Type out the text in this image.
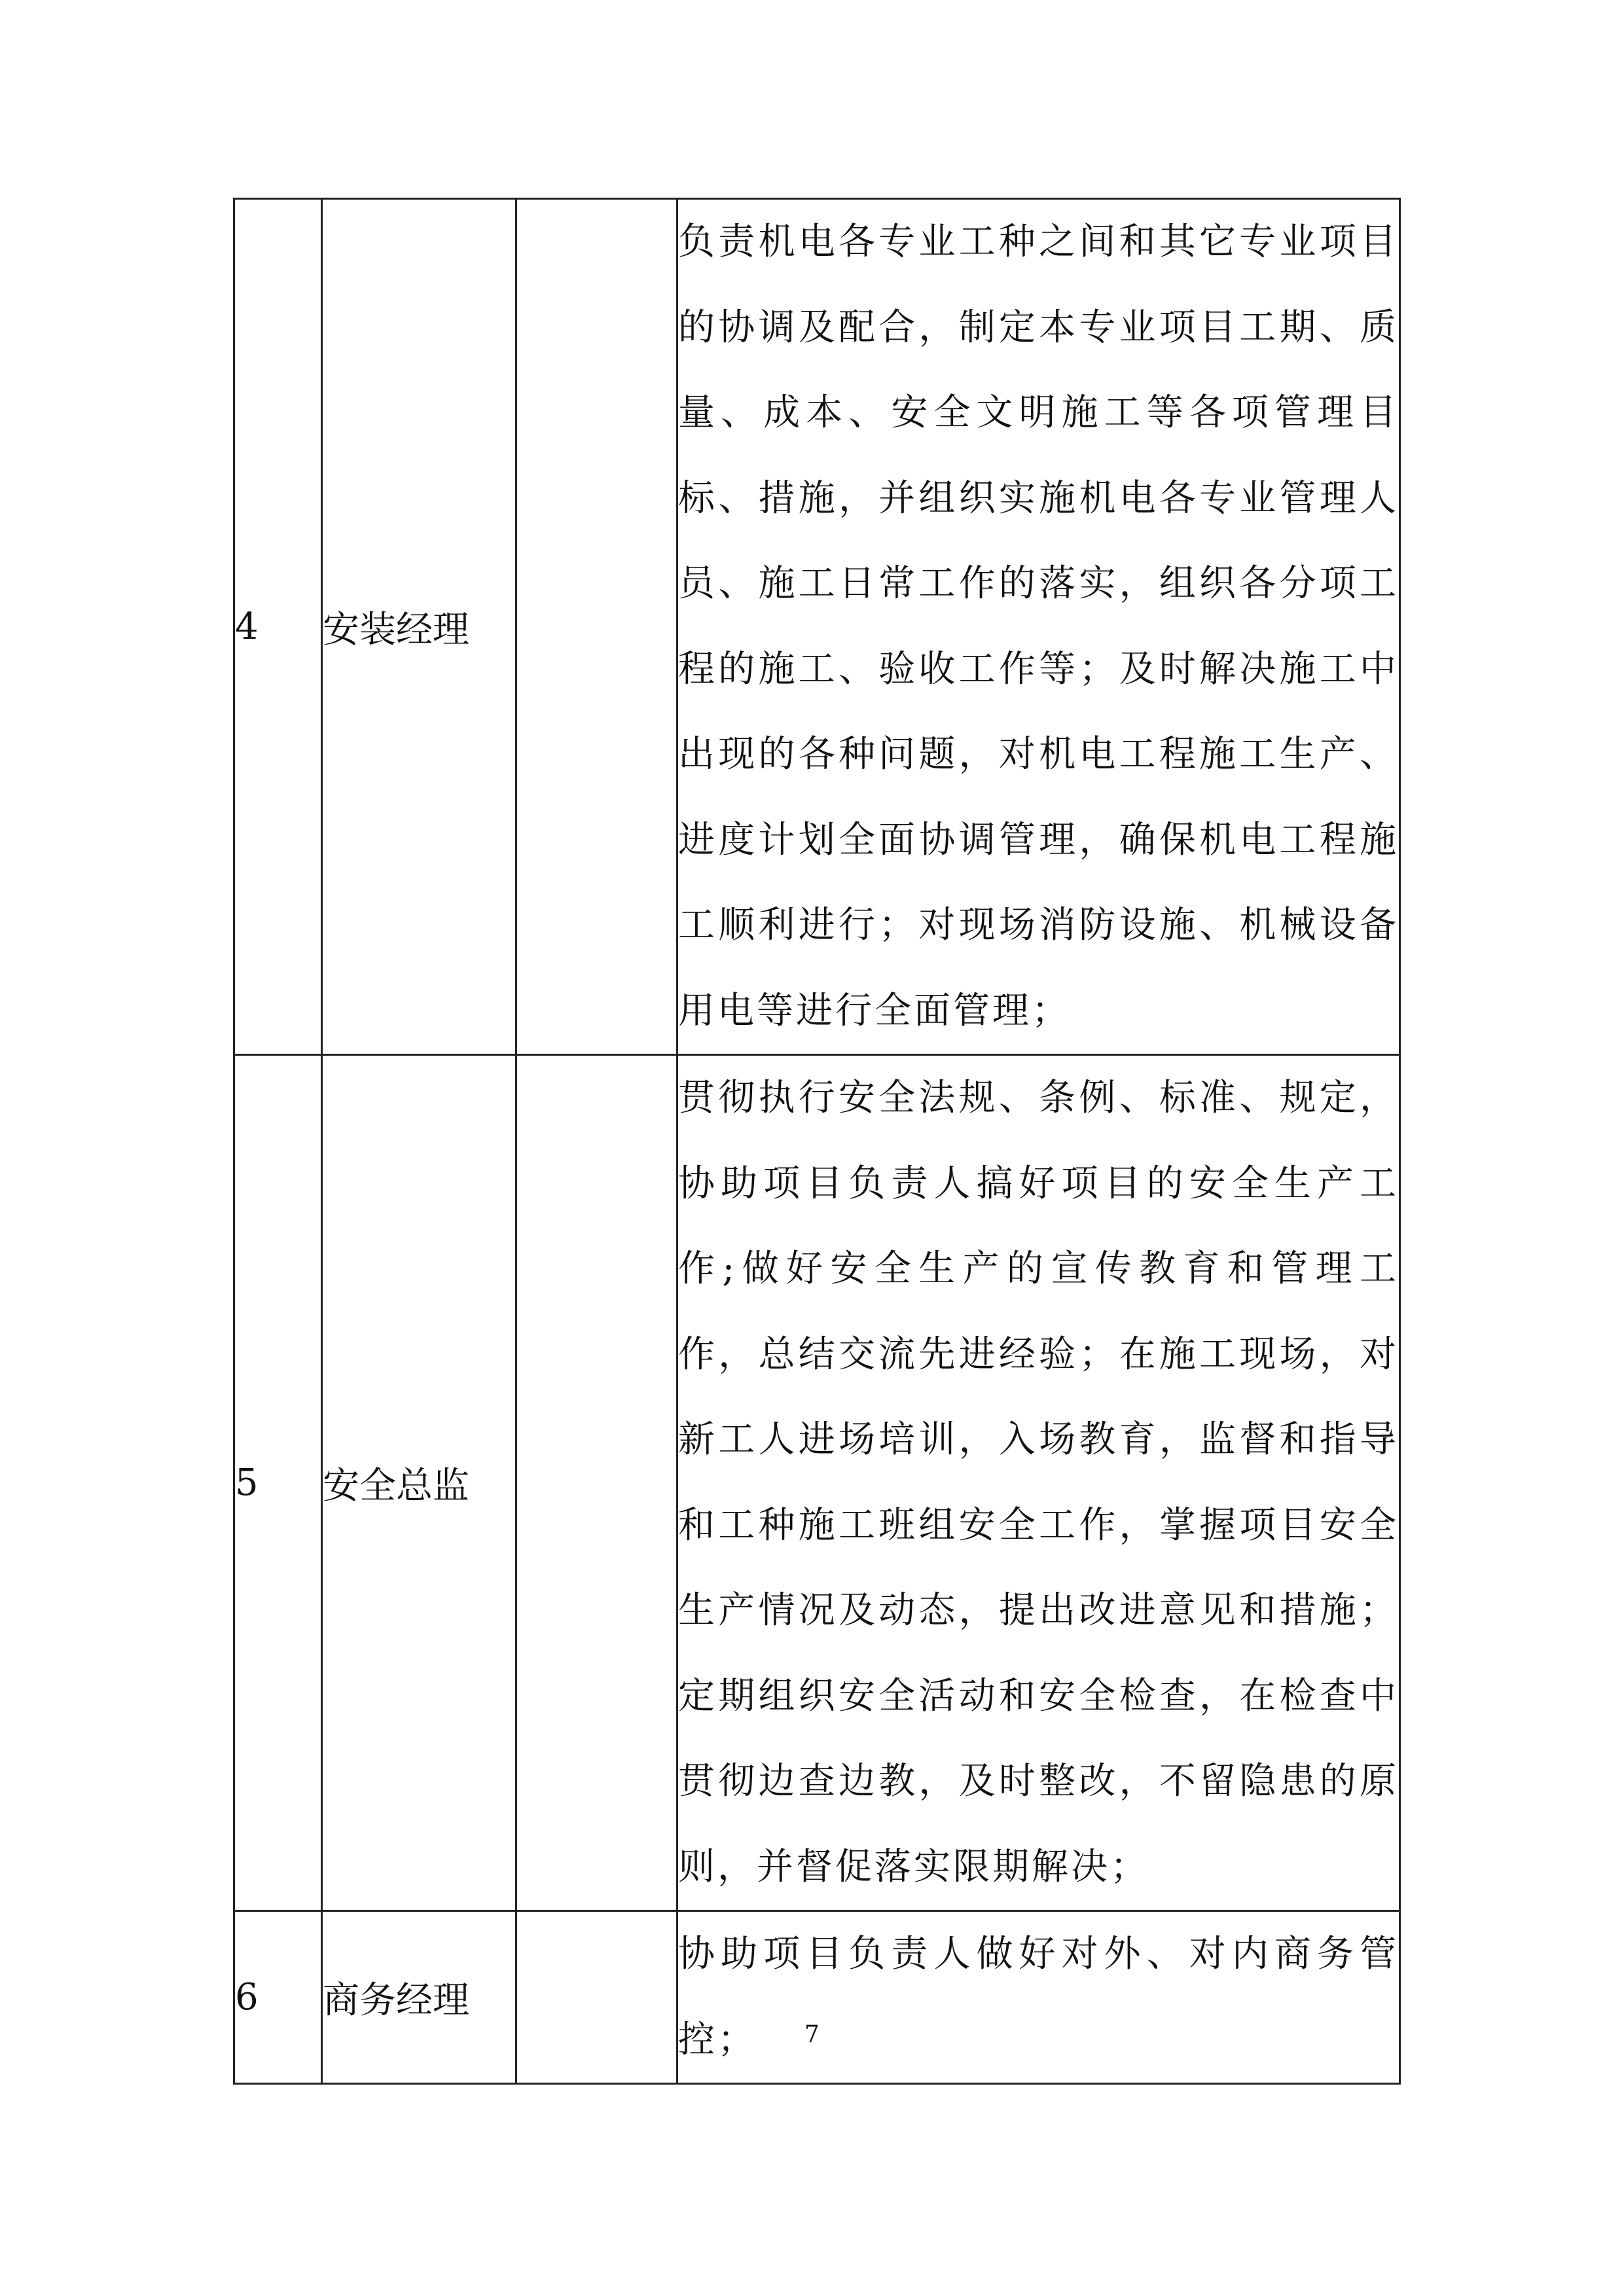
4	安装经理		负责机电各专业工种之间和其它专业项目的协调及配合，制定本专业项目工期、质量、成本、安全文明施工等各项管理目标、措施，并组织实施机电各专业管理人员、施工日常工作的落实，组织各分项工程的施工、验收工作等；及时解决施工中出现的各种问题，对机电工程施工生产、进度计划全面协调管理，确保机电工程施工顺利进行；对现场消防设施、机械设备用电等进行全面管理；

5	安全总监		贯彻执行安全法规、条例、标准、规定，协助项目负责人搞好项目的安全生产工作;做好安全生产的宣传教育和管理工作，总结交流先进经验；在施工现场，对新工人进场培训，入场教育，监督和指导和工种施工班组安全工作，掌握项目安全生产情况及动态，提出改进意见和措施；定期组织安全活动和安全检查，在检查中贯彻边查边教，及时整改，不留隐患的原则，并督促落实限期解决；

6	商务经理		协助项目负责人做好对外、对内商务管控；	7
